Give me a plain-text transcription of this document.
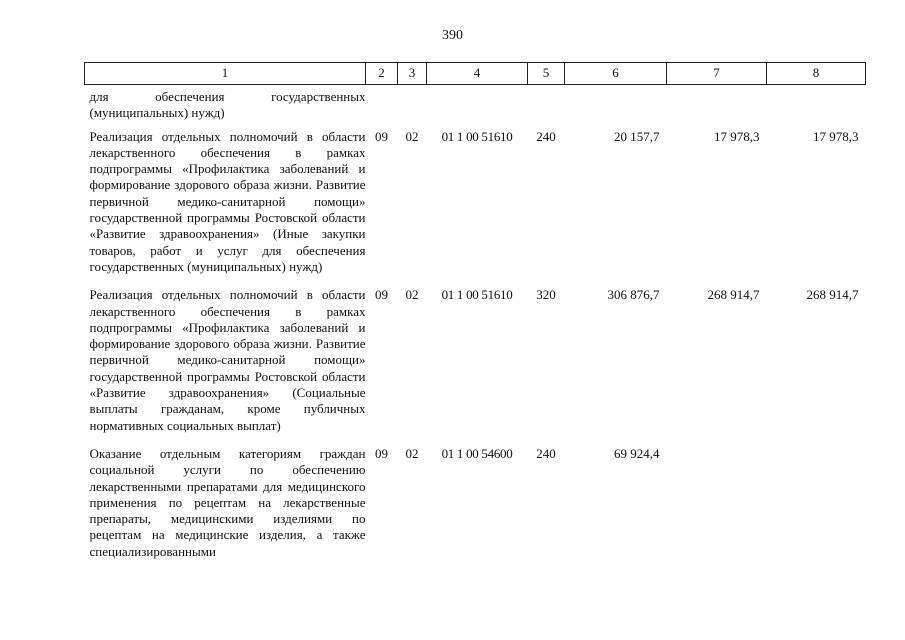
390
1	2	3	4	5	6	7	8
для обеспечения государственных (муниципальных) нужд)							
Реализация отдельных полномочий в области лекарственного обеспечения в рамках подпрограммы «Профилактика заболеваний и формирование здорового образа жизни. Развитие первичной медико-санитарной помощи» государственной программы Ростовской области «Развитие здравоохранения» (Иные закупки товаров, работ и услуг для обеспечения государственных (муниципальных) нужд)	09	02	01 1 00 51610	240	20 157,7	17 978,3	17 978,3
Реализация отдельных полномочий в области лекарственного обеспечения в рамках подпрограммы «Профилактика заболеваний и формирование здорового образа жизни. Развитие первичной медико-санитарной помощи» государственной программы Ростовской области «Развитие здравоохранения» (Социальные выплаты гражданам, кроме публичных нормативных социальных выплат)	09	02	01 1 00 51610	320	306 876,7	268 914,7	268 914,7
Оказание отдельным категориям граждан социальной услуги по обеспечению лекарственными препаратами для медицинского применения по рецептам на лекарственные препараты, медицинскими изделиями по рецептам на медицинские изделия, а также специализированными	09	02	01 1 00 54600	240	69 924,4		
